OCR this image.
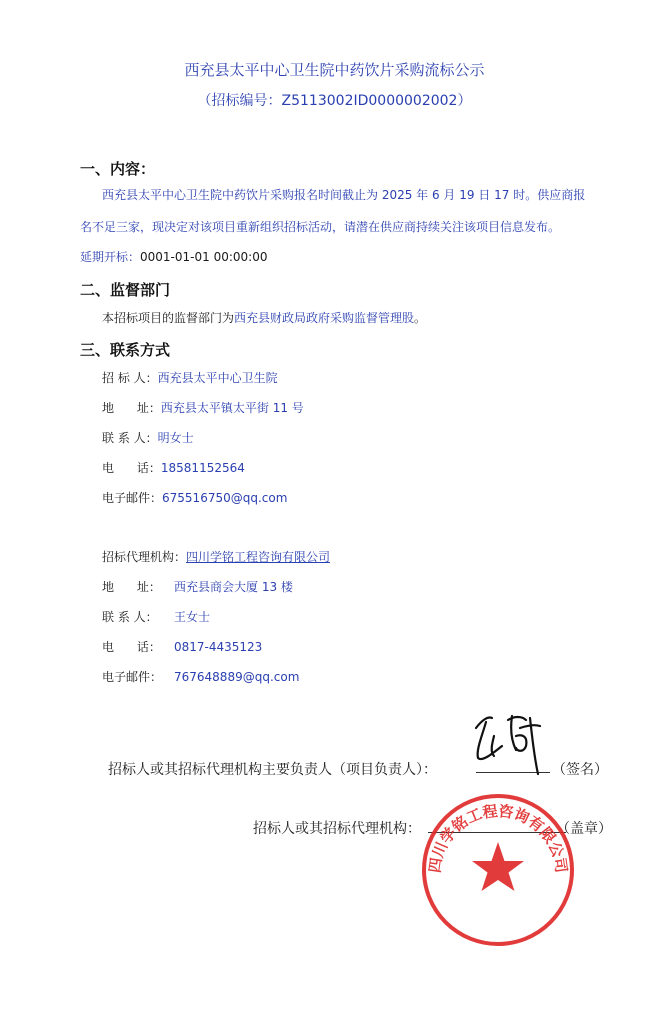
西充县太平中心卫生院中药饮片采购流标公示
（招标编号：Z5113002ID0000002002）
一、内容：
西充县太平中心卫生院中药饮片采购报名时间截止为 2025 年 6 月 19 日 17 时。供应商报
名不足三家，现决定对该项目重新组织招标活动，请潜在供应商持续关注该项目信息发布。
延期开标：0001-01-01 00:00:00
二、监督部门
本招标项目的监督部门为西充县财政局政府采购监督管理股。
三、联系方式
招 标 人：西充县太平中心卫生院
地      址：西充县太平镇太平街 11 号
联 系 人：明女士
电      话：18581152564
电子邮件：675516750@qq.com
招标代理机构：四川学铭工程咨询有限公司
地      址： 西充县商会大厦 13 楼
联 系 人： 王女士
电      话： 0817-4435123
电子邮件： 767648889@qq.com
招标人或其招标代理机构主要负责人（项目负责人）：	（签名）
招标人或其招标代理机构：	（盖章）
四川学铭工程咨询有限公司
